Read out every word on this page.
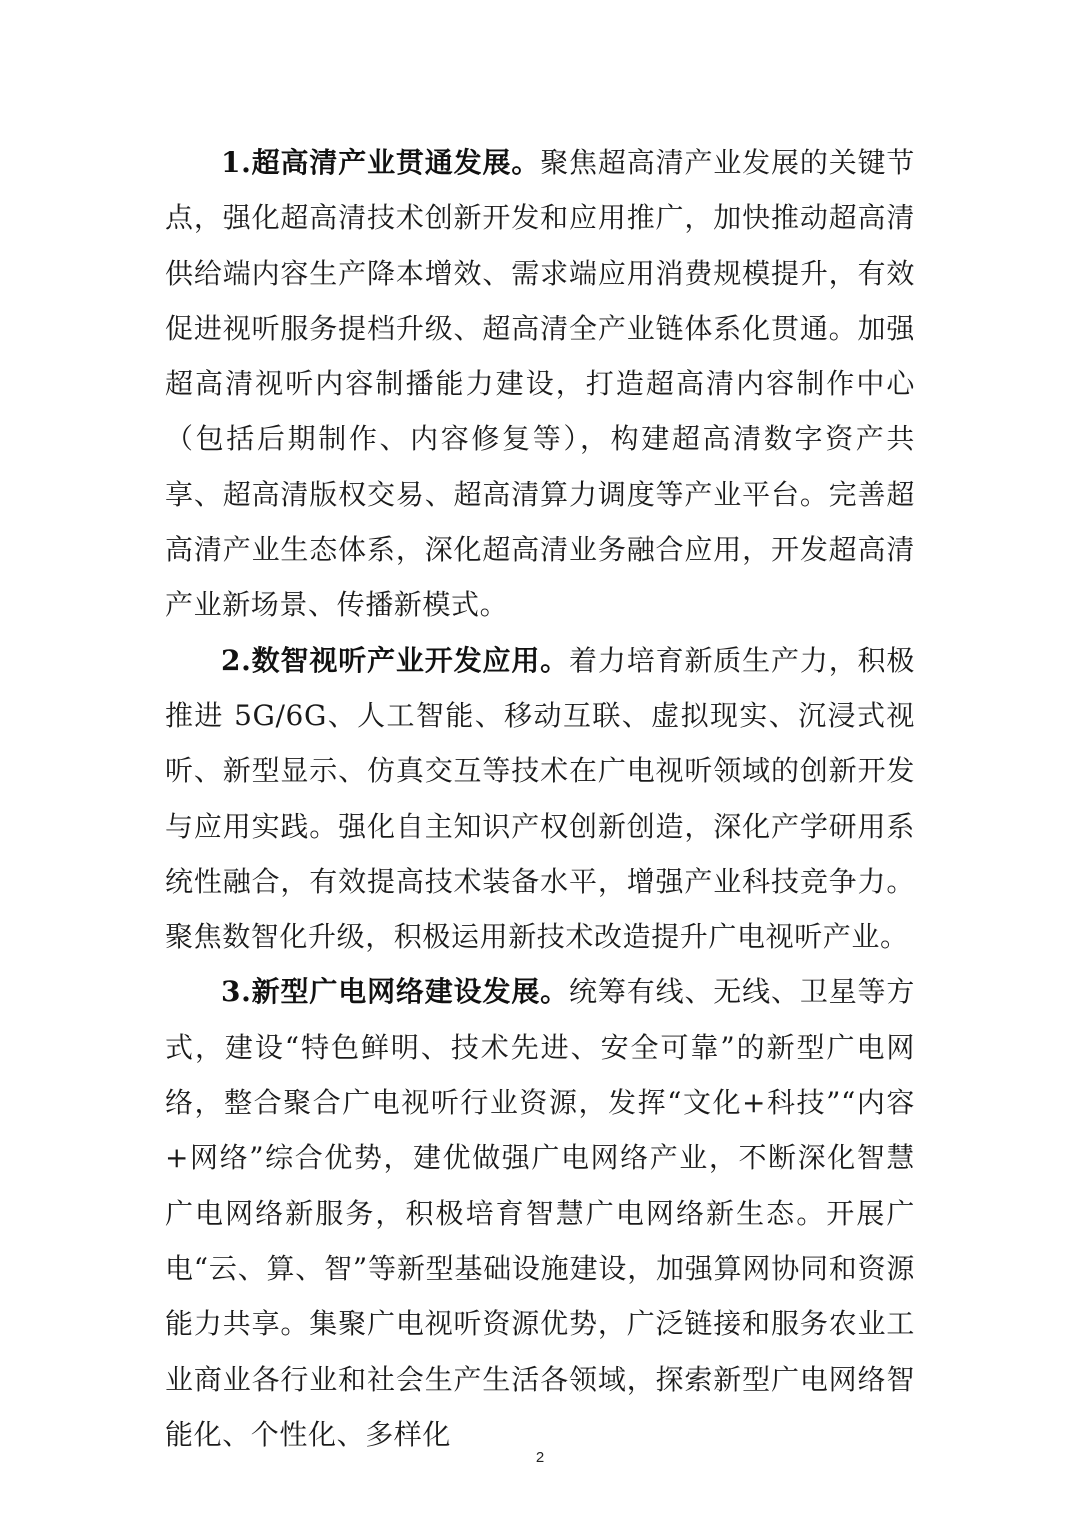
1.超高清产业贯通发展。聚焦超高清产业发展的关键节点，强化超高清技术创新开发和应用推广，加快推动超高清供给端内容生产降本增效、需求端应用消费规模提升，有效促进视听服务提档升级、超高清全产业链体系化贯通。加强超高清视听内容制播能力建设，打造超高清内容制作中心（包括后期制作、内容修复等），构建超高清数字资产共享、超高清版权交易、超高清算力调度等产业平台。完善超高清产业生态体系，深化超高清业务融合应用，开发超高清产业新场景、传播新模式。

2.数智视听产业开发应用。着力培育新质生产力，积极推进 5G/6G、人工智能、移动互联、虚拟现实、沉浸式视听、新型显示、仿真交互等技术在广电视听领域的创新开发与应用实践。强化自主知识产权创新创造，深化产学研用系统性融合，有效提高技术装备水平，增强产业科技竞争力。聚焦数智化升级，积极运用新技术改造提升广电视听产业。

3.新型广电网络建设发展。统筹有线、无线、卫星等方式，建设“特色鲜明、技术先进、安全可靠”的新型广电网络，整合聚合广电视听行业资源，发挥“文化+科技”“内容+网络”综合优势，建优做强广电网络产业，不断深化智慧广电网络新服务，积极培育智慧广电网络新生态。开展广电“云、算、智”等新型基础设施建设，加强算网协同和资源能力共享。集聚广电视听资源优势，广泛链接和服务农业工业商业各行业和社会生产生活各领域，探索新型广电网络智能化、个性化、多样化

2
